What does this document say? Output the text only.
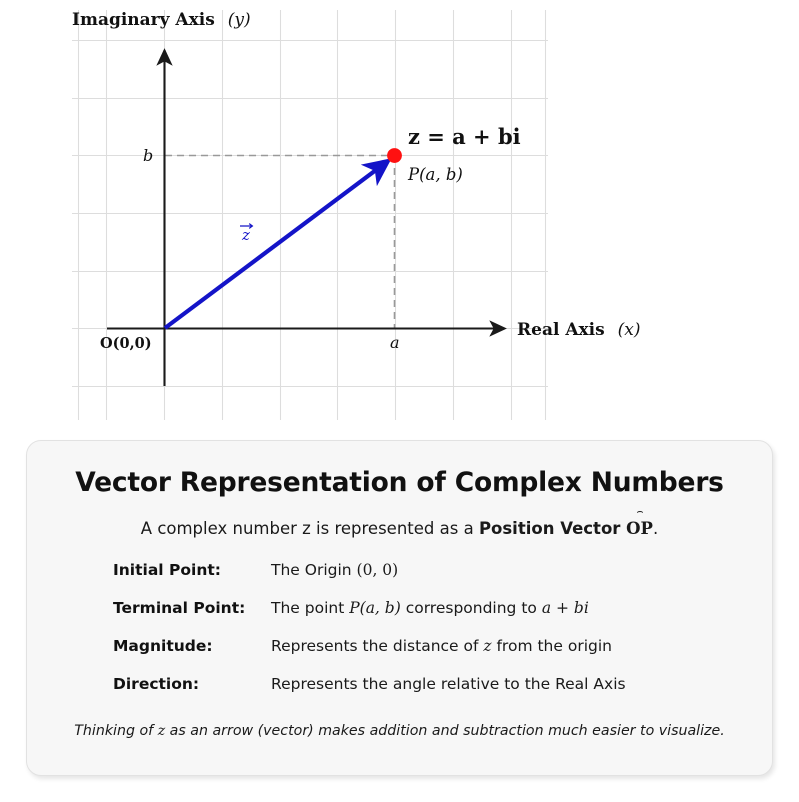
Imaginary Axis (y)
Real Axis (x)
O(0,0)	a
b
z = a + bi
P(a, b)
z
Vector Representation of Complex Numbers
A complex number z is represented as a Position Vector OP ⌣.
Initial Point:	The Origin (0, 0)
Terminal Point:	The point P(a, b) corresponding to a + bi
Magnitude:	Represents the distance of z from the origin
Direction:	Represents the angle relative to the Real Axis
Thinking of z as an arrow (vector) makes addition and subtraction much easier to visualize.
